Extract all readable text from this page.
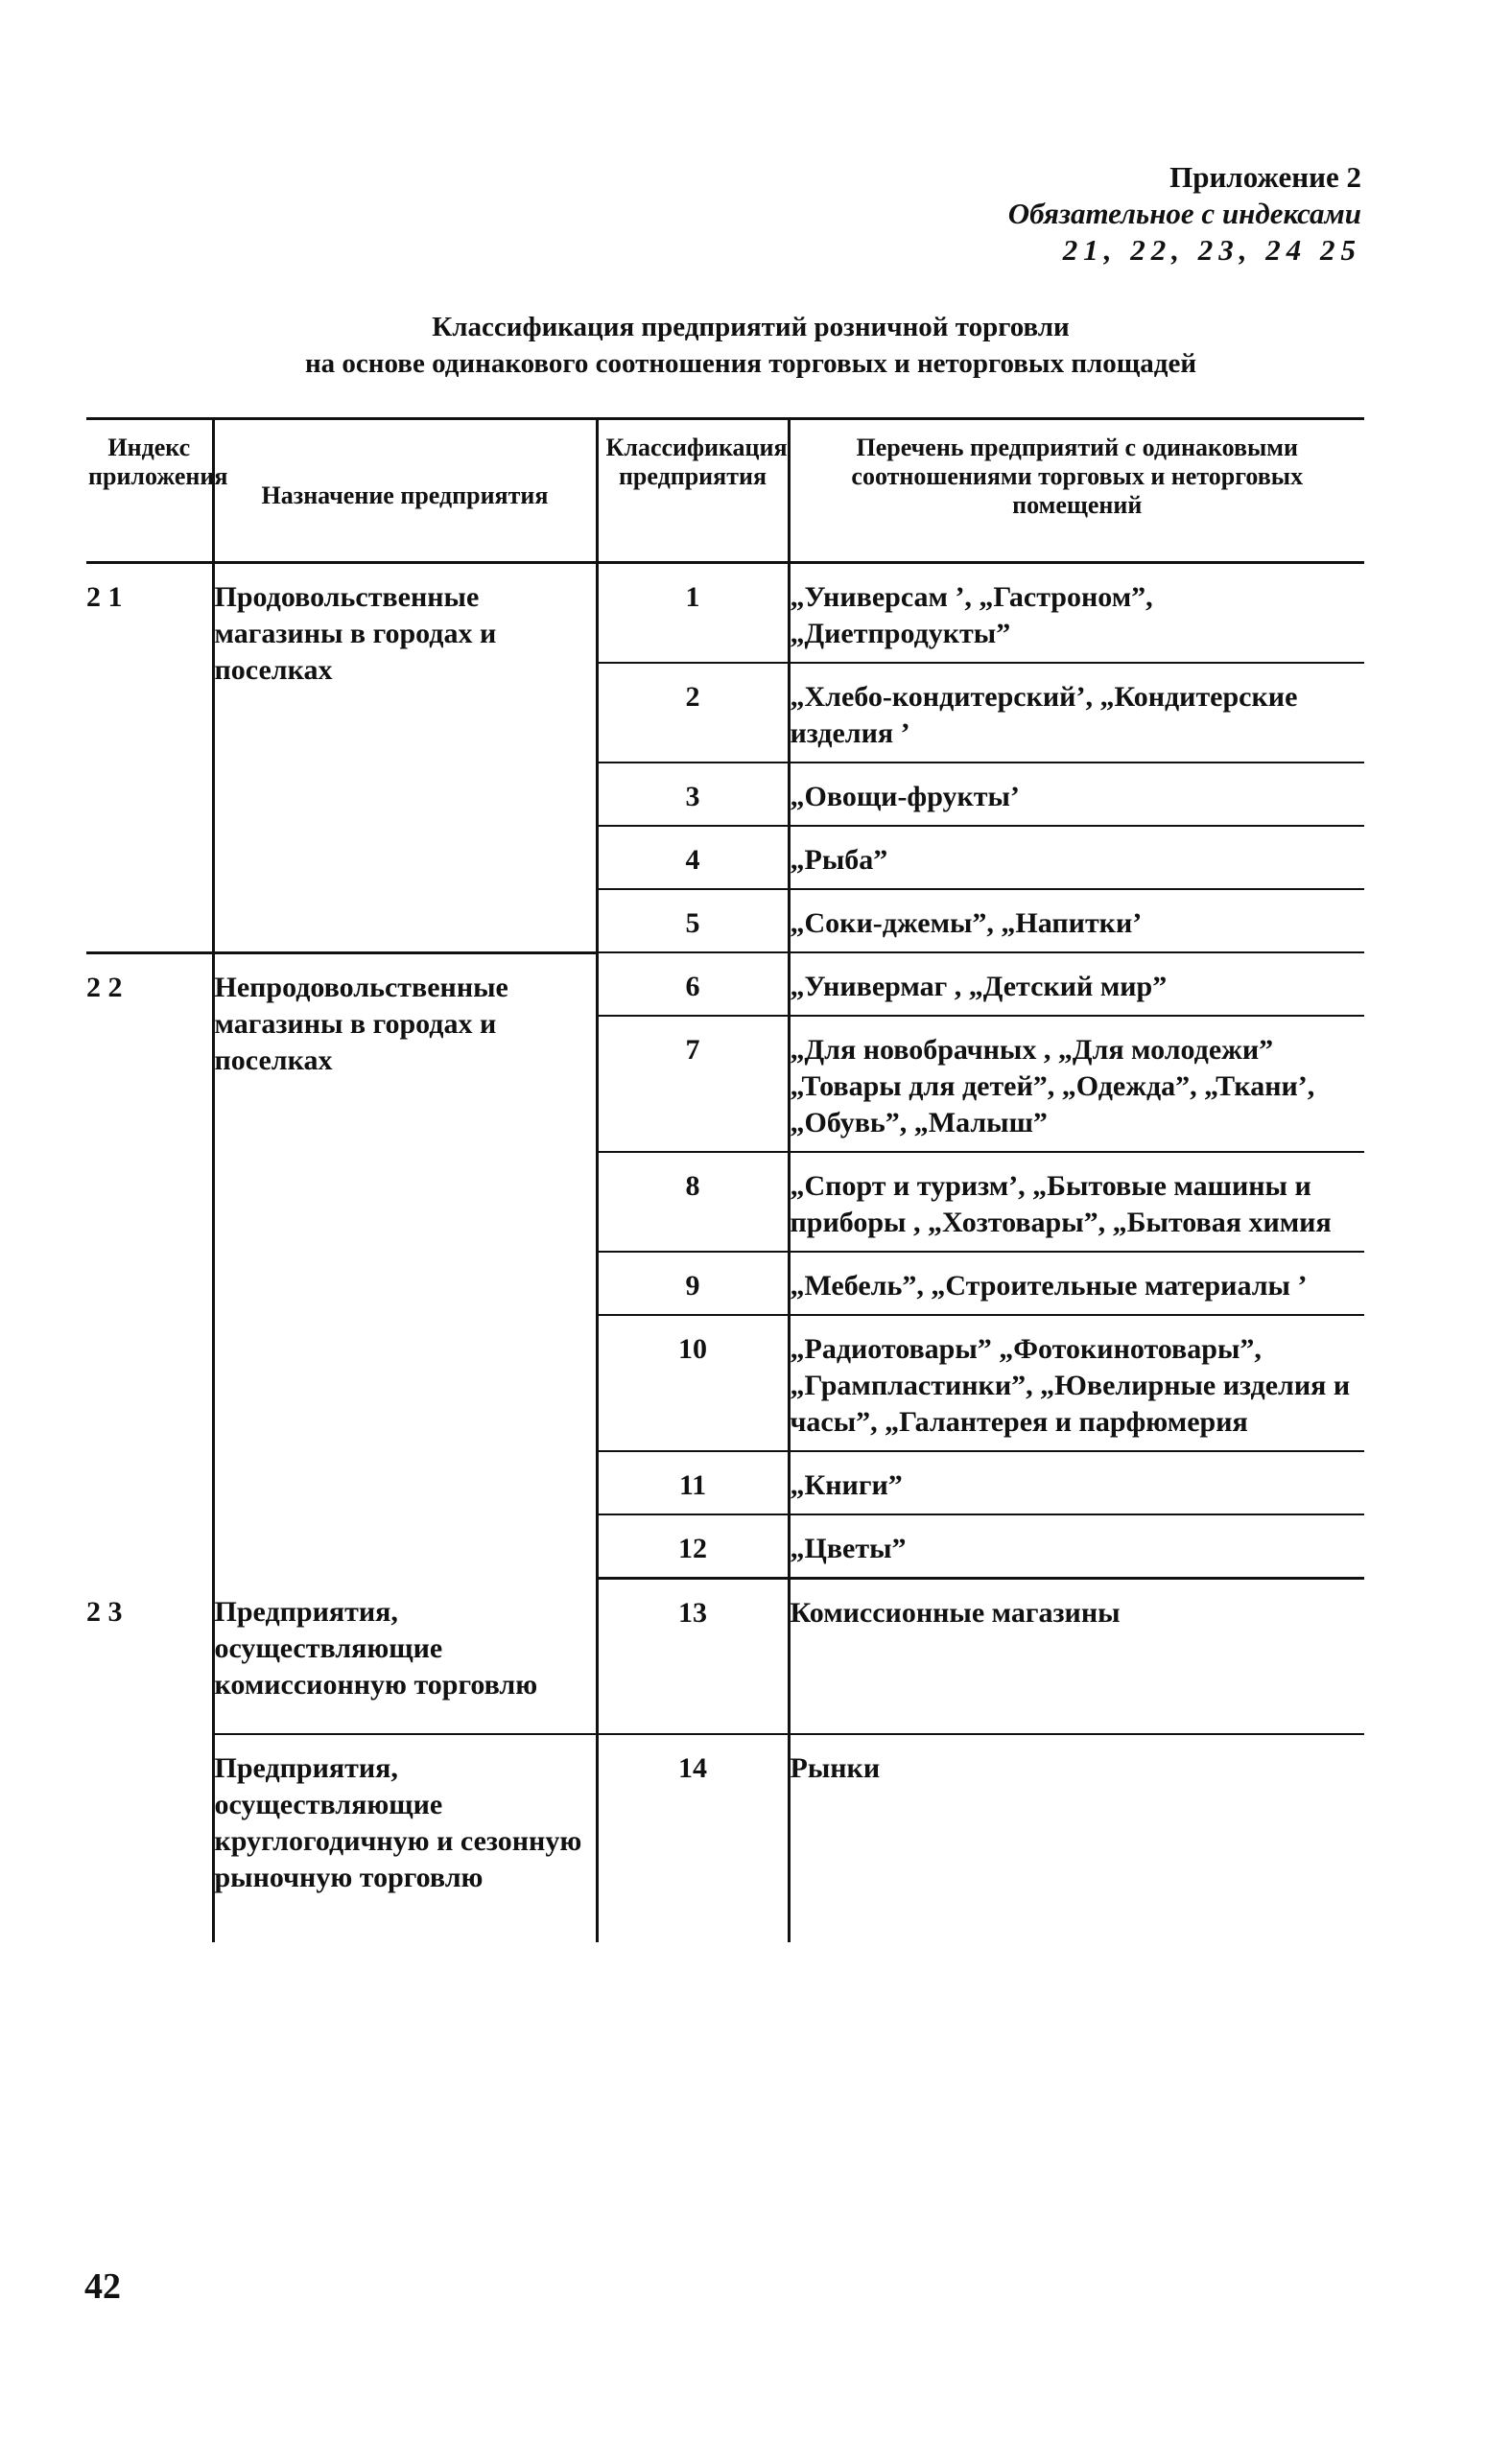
Приложение 2
Обязательное с индексами
21, 22, 23, 24 25
Классификация предприятий розничной торговли
на основе одинакового соотношения торговых и неторговых площадей
Индекс приложения	Назначение предприятия	Классификация предприятия	Перечень предприятий с одинаковыми соотношениями торговых и неторговых помещений
2 1	Продовольственные магазины в городах и поселках	1	„Универсам ’, „Гастроном”, „Диетпродукты”
		2	„Хлебо-кондитерский’, „Кондитерские изделия ’
		3	„Овощи-фрукты’
		4	„Рыба”
		5	„Соки-джемы”, „Напитки’
2 2	Непродовольственные магазины в городах и поселках	6	„Универмаг , „Детский мир”
		7	„Для новобрачных , „Для молодежи” „Товары для детей”, „Одежда”, „Ткани’, „Обувь”, „Малыш”
		8	„Спорт и туризм’, „Бытовые машины и приборы , „Хозтовары”, „Бытовая химия
		9	„Мебель”, „Строительные материалы ’
		10	„Радиотовары” „Фотокинотовары”, „Грампластинки”, „Ювелирные изделия и часы”, „Галантерея и парфюмерия
		11	„Книги”
		12	„Цветы”
2 3	Предприятия, осуществляющие комиссионную торговлю	13	Комиссионные магазины
	Предприятия, осуществляющие круглогодичную и сезонную рыночную торговлю	14	Рынки
42
